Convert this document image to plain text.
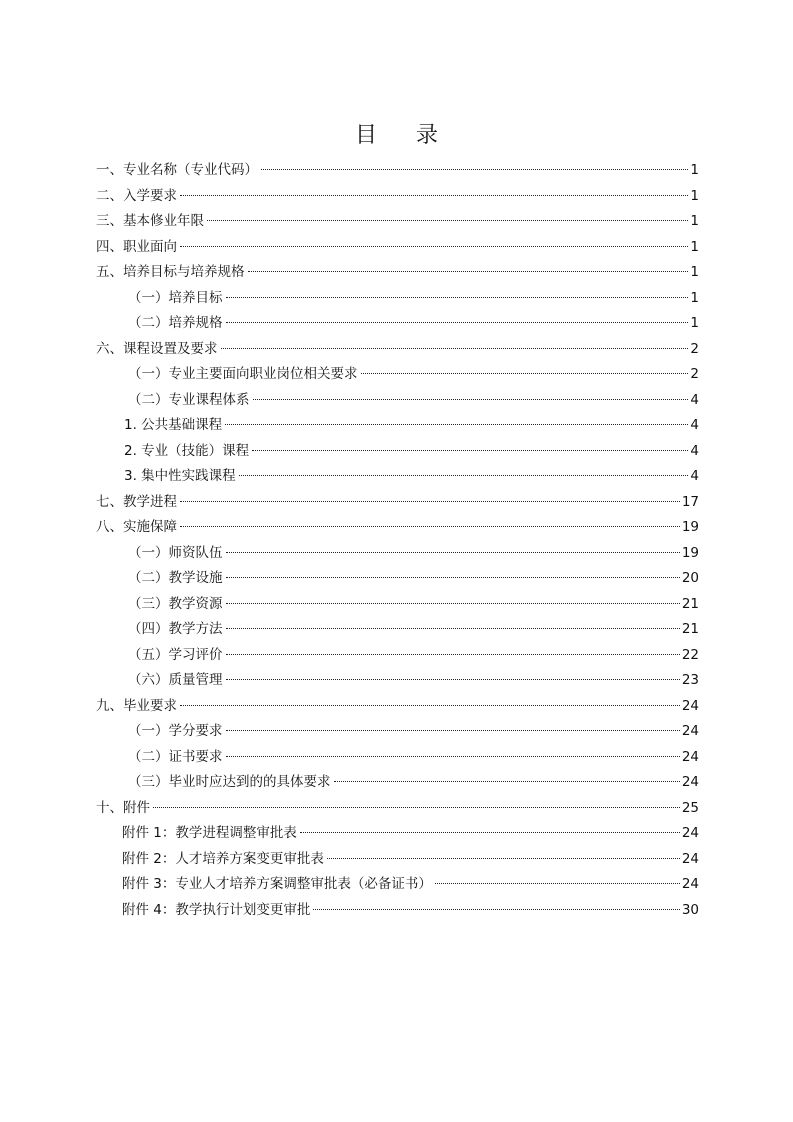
目 录
一、专业名称（专业代码）	1
二、入学要求	1
三、基本修业年限	1
四、职业面向	1
五、培养目标与培养规格	1
（一）培养目标	1
（二）培养规格	1
六、课程设置及要求	2
（一）专业主要面向职业岗位相关要求	2
（二）专业课程体系	4
1. 公共基础课程	4
2. 专业（技能）课程	4
3. 集中性实践课程	4
七、教学进程	17
八、实施保障	19
（一）师资队伍	19
（二）教学设施	20
（三）教学资源	21
（四）教学方法	21
（五）学习评价	22
（六）质量管理	23
九、毕业要求	24
（一）学分要求	24
（二）证书要求	24
（三）毕业时应达到的的具体要求	24
十、附件	25
附件 1：教学进程调整审批表	24
附件 2：人才培养方案变更审批表	24
附件 3：专业人才培养方案调整审批表（必备证书）	24
附件 4：教学执行计划变更审批	30
